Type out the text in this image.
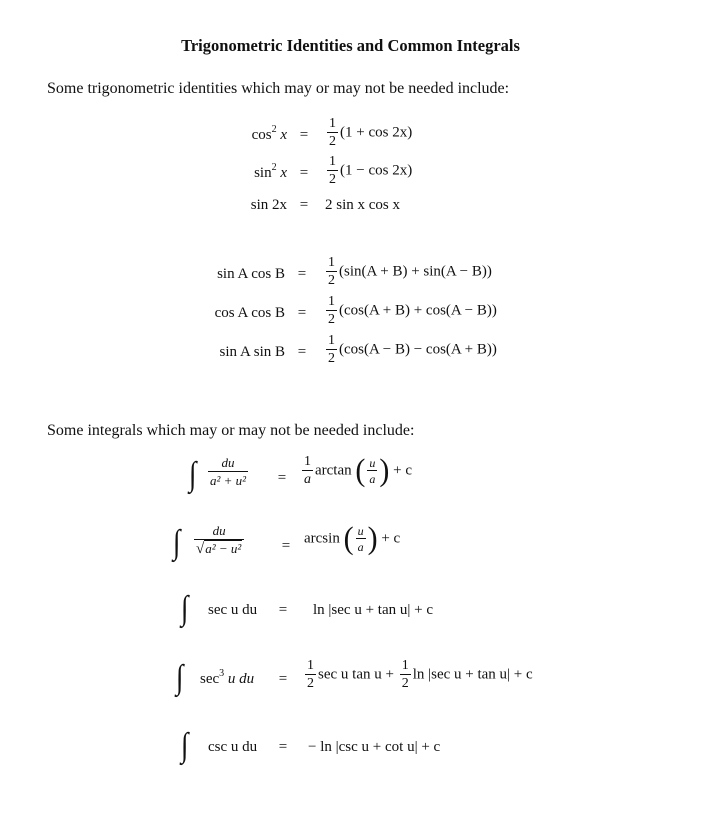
Trigonometric Identities and Common Integrals
Some trigonometric identities which may or may not be needed include:
$\cos^2 x = \frac{1}{2} (1 + \cos 2x)$
$\sin^2 x = \frac{1}{2} (1 - \cos 2x)$
sin 2x = 2 sin x cos x
sin A $\cos B = \frac{1}{2} (\sin(A + B) + \sin(A - B))$
cos A $\cos B = \frac{1}{2} (\cos(A + B) + \cos(A - B))$
sin A $\sin B = \frac{1}{2} (\cos(A - B) - \cos(A + B))$
Some integrals which may or may not be needed include:
∫ $\frac{du}{\text{a² + u²}} = \frac{1}{a}$ arctan ( $\frac{u}{a}$ ) + c
∫ $\frac{du}{\text{√a² − u²}} = \arcsin$ ( $\frac{u}{a}$ ) + c
∫ sec u du = ln |sec u + tan u| + c
∫ $\sec^3 u$ du = $\frac{1}{2}$ sec u $\tan u + \frac{1}{2}$ ln |sec u + tan u| + c
∫ csc u du = − ln |csc u + cot u| + c
